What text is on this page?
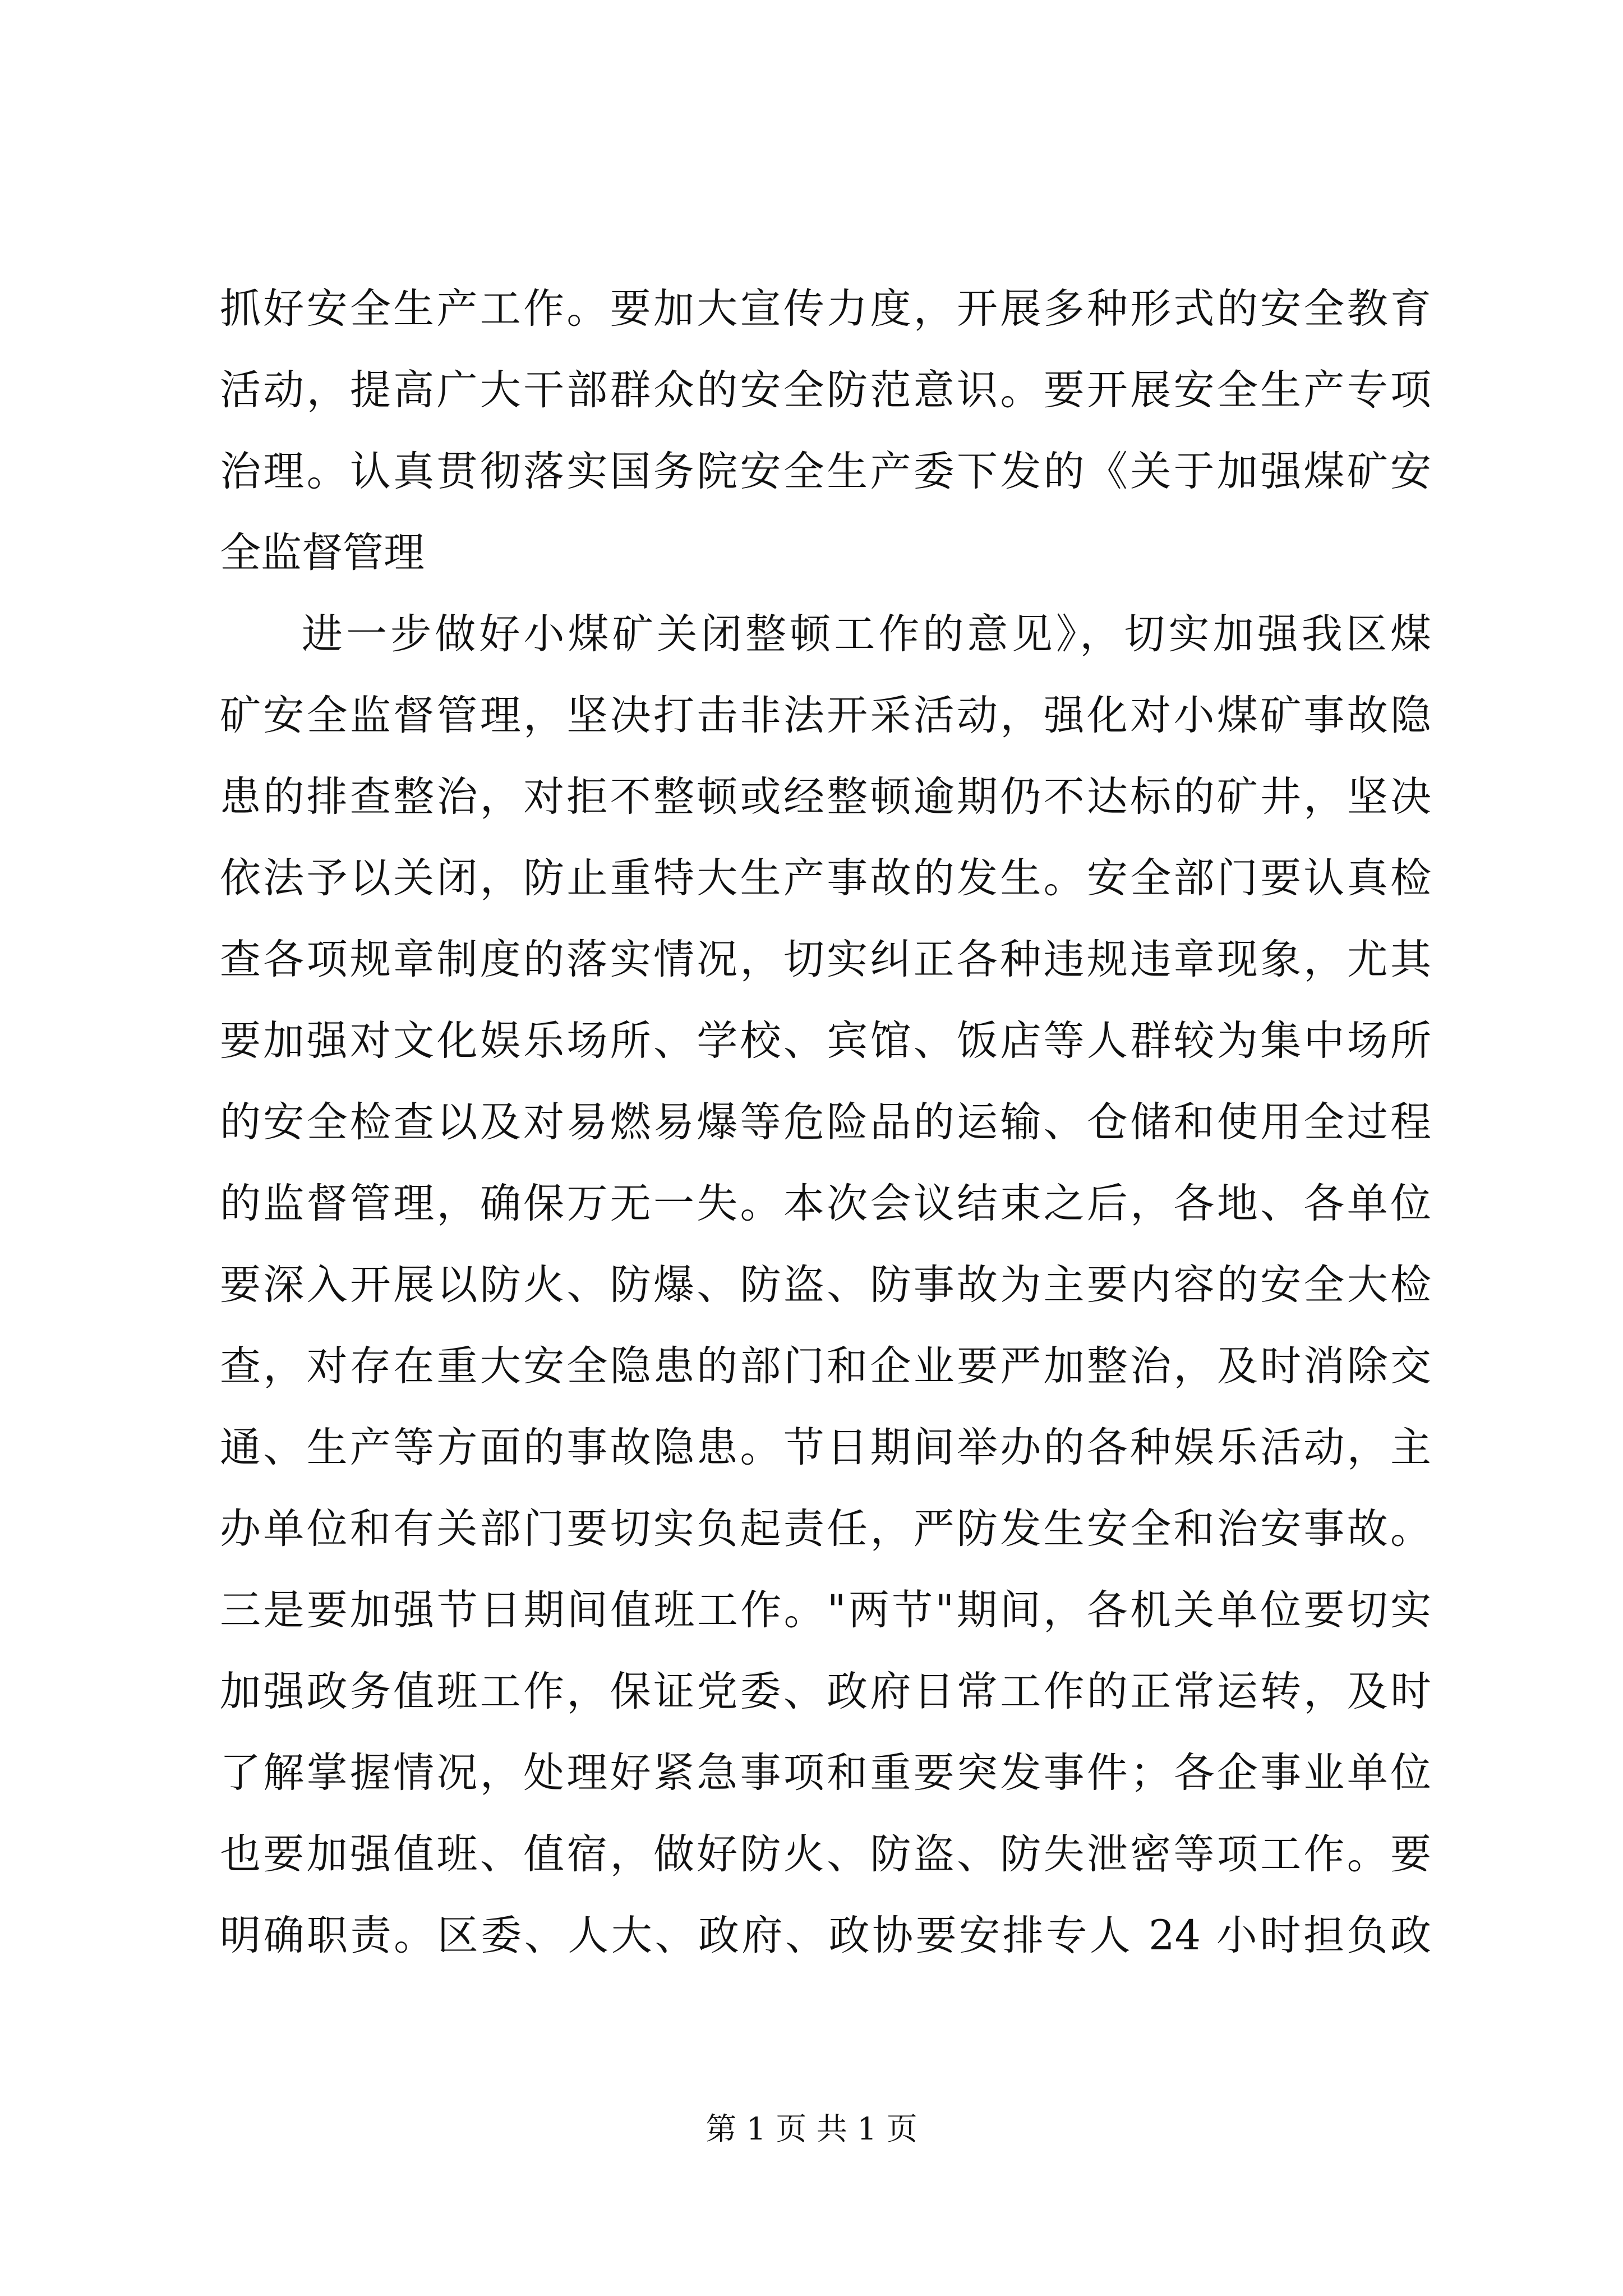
抓好安全生产工作。要加大宣传力度，开展多种形式的安全教育
活动，提高广大干部群众的安全防范意识。要开展安全生产专项
治理。认真贯彻落实国务院安全生产委下发的《关于加强煤矿安
全监督管理
进一步做好小煤矿关闭整顿工作的意见》，切实加强我区煤
矿安全监督管理，坚决打击非法开采活动，强化对小煤矿事故隐
患的排查整治，对拒不整顿或经整顿逾期仍不达标的矿井，坚决
依法予以关闭，防止重特大生产事故的发生。安全部门要认真检
查各项规章制度的落实情况，切实纠正各种违规违章现象，尤其
要加强对文化娱乐场所、学校、宾馆、饭店等人群较为集中场所
的安全检查以及对易燃易爆等危险品的运输、仓储和使用全过程
的监督管理，确保万无一失。本次会议结束之后，各地、各单位
要深入开展以防火、防爆、防盗、防事故为主要内容的安全大检
查，对存在重大安全隐患的部门和企业要严加整治，及时消除交
通、生产等方面的事故隐患。节日期间举办的各种娱乐活动，主
办单位和有关部门要切实负起责任，严防发生安全和治安事故。
三是要加强节日期间值班工作。"两节"期间，各机关单位要切实
加强政务值班工作，保证党委、政府日常工作的正常运转，及时
了解掌握情况，处理好紧急事项和重要突发事件；各企事业单位
也要加强值班、值宿，做好防火、防盗、防失泄密等项工作。要
明确职责。区委、人大、政府、政协要安排专人 24 小时担负政
第 1 页 共 1 页
